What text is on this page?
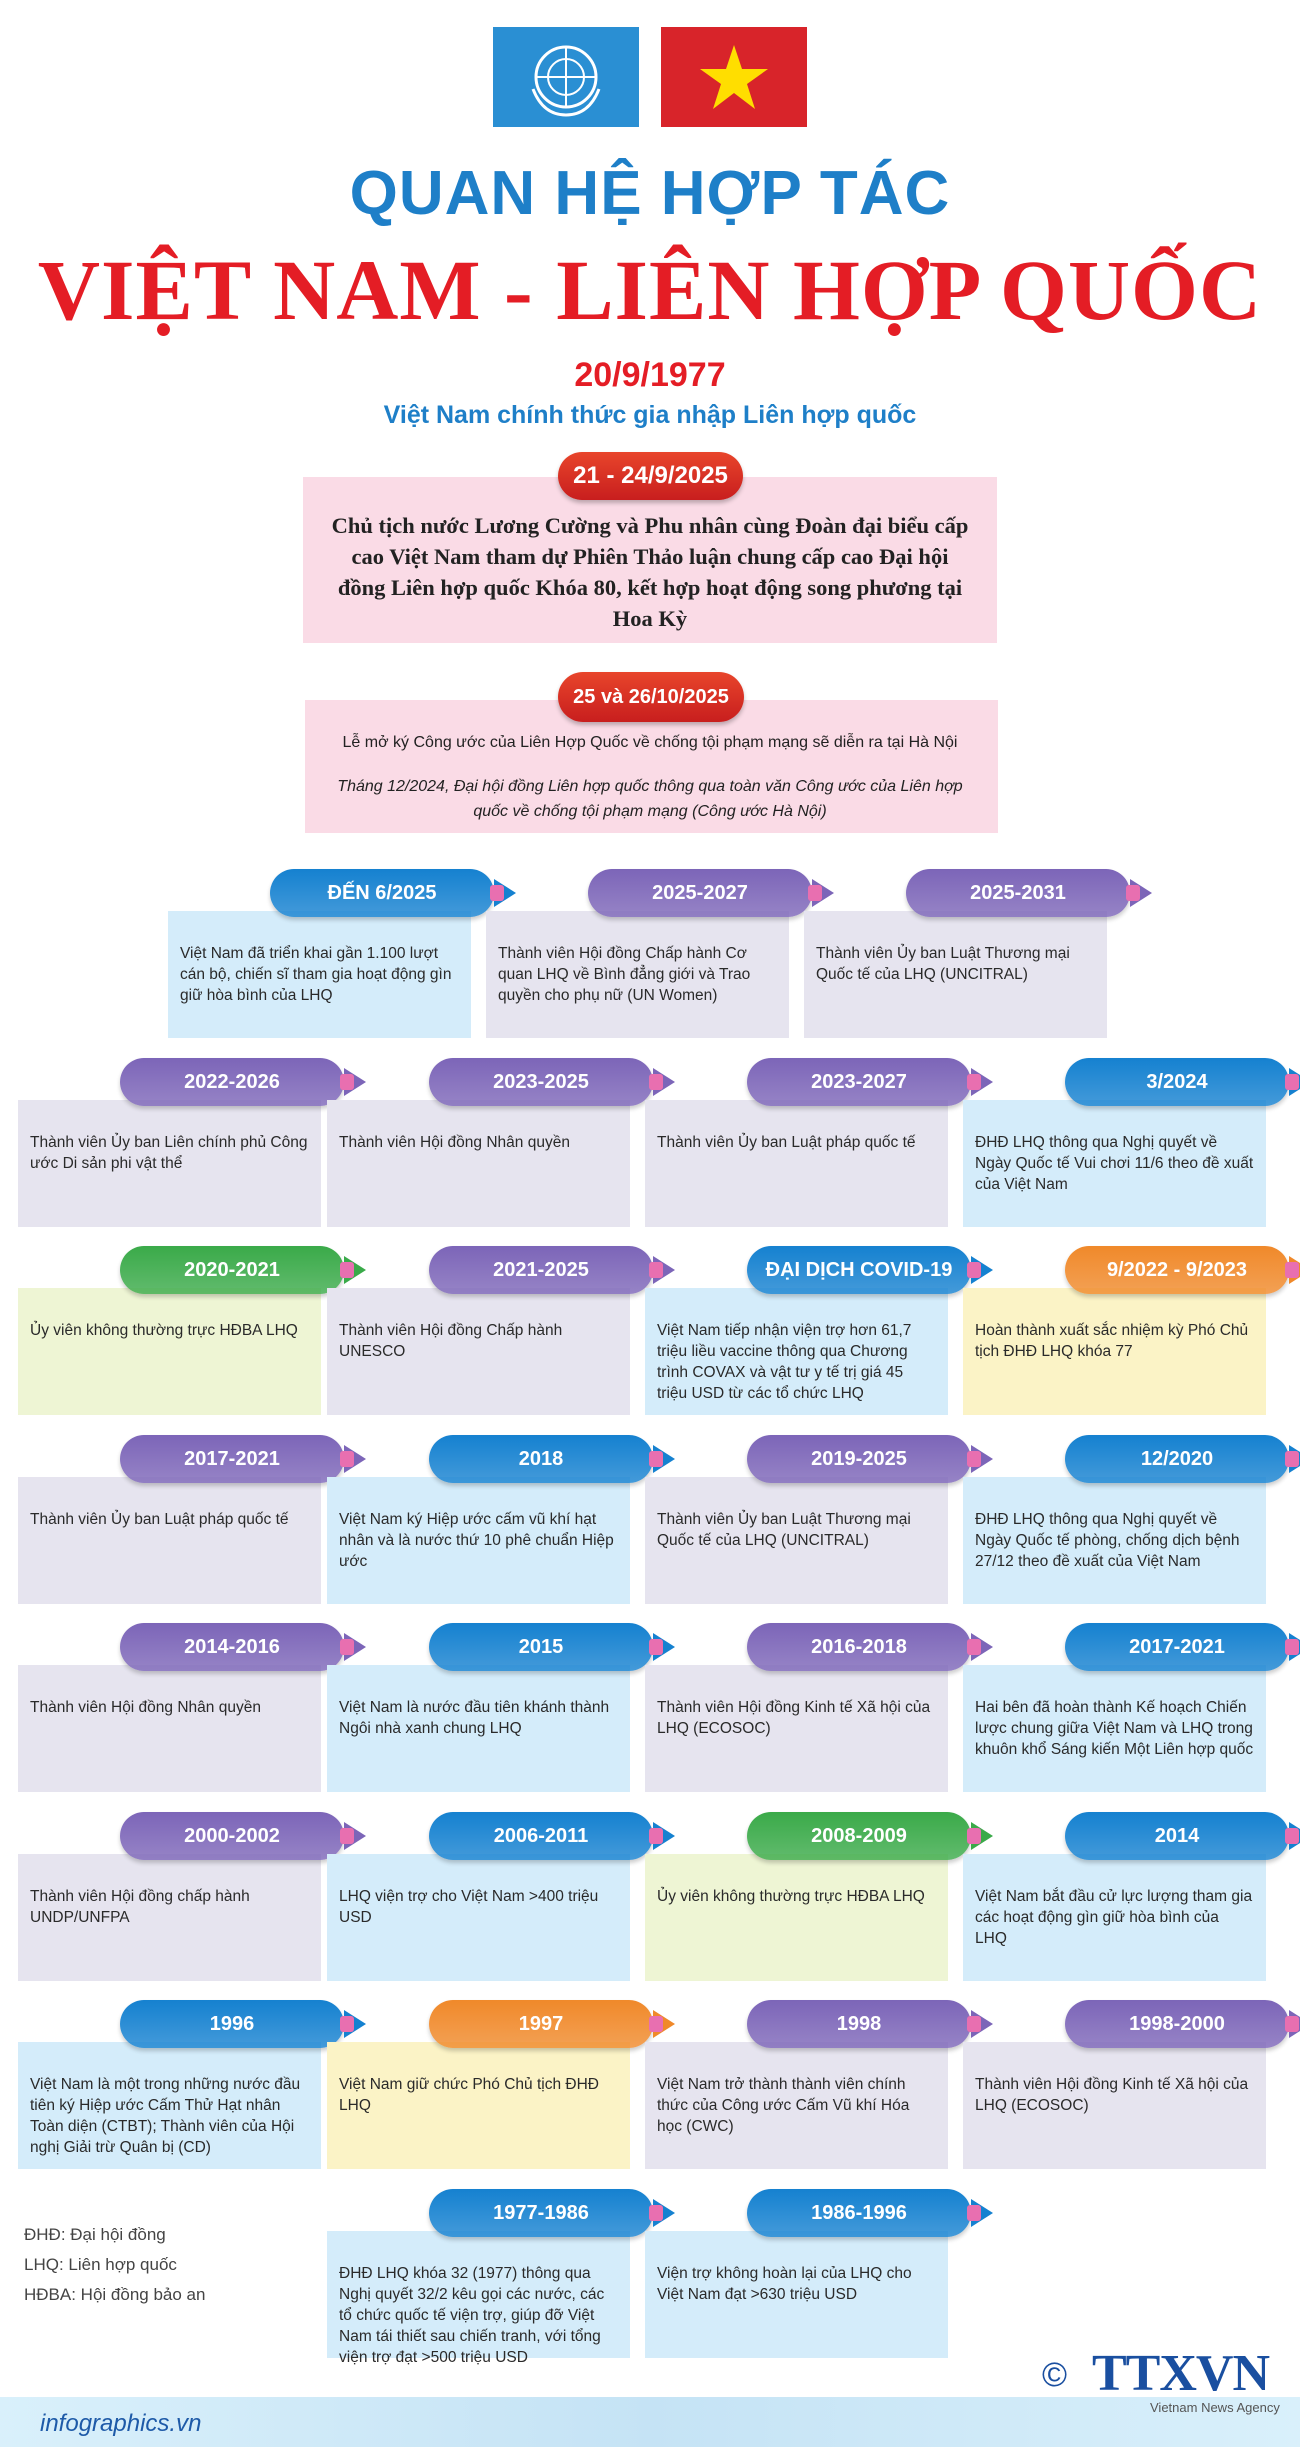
QUAN HỆ HỢP TÁC
VIỆT NAM - LIÊN HỢP QUỐC
20/9/1977
Việt Nam chính thức gia nhập Liên hợp quốc
21 - 24/9/2025
Chủ tịch nước Lương Cường và Phu nhân cùng Đoàn đại biểu cấp cao Việt Nam tham dự Phiên Thảo luận chung cấp cao Đại hội đồng Liên hợp quốc Khóa 80, kết hợp hoạt động song phương tại Hoa Kỳ
25 và 26/10/2025
Lễ mở ký Công ước của Liên Hợp Quốc về chống tội phạm mạng sẽ diễn ra tại Hà Nội
Tháng 12/2024, Đại hội đồng Liên hợp quốc thông qua toàn văn Công ước của Liên hợp quốc về chống tội phạm mạng (Công ước Hà Nội)
Việt Nam đã triển khai gần 1.100 lượt cán bộ, chiến sĩ tham gia hoạt động gìn giữ hòa bình của LHQ
ĐẾN 6/2025
Thành viên Hội đồng Chấp hành Cơ quan LHQ về Bình đẳng giới và Trao quyền cho phụ nữ (UN Women)
2025-2027
Thành viên Ủy ban Luật Thương mại Quốc tế của LHQ (UNCITRAL)
2025-2031
Thành viên Ủy ban Liên chính phủ Công ước Di sản phi vật thể
2022-2026
Thành viên Hội đồng Nhân quyền
2023-2025
Thành viên Ủy ban Luật pháp quốc tế
2023-2027
ĐHĐ LHQ thông qua Nghị quyết về Ngày Quốc tế Vui chơi 11/6 theo đề xuất của Việt Nam
3/2024
Ủy viên không thường trực HĐBA LHQ
2020-2021
Thành viên Hội đồng Chấp hành UNESCO
2021-2025
Việt Nam tiếp nhận viện trợ hơn 61,7 triệu liều vaccine thông qua Chương trình COVAX và vật tư y tế trị giá 45 triệu USD từ các tổ chức LHQ
ĐẠI DỊCH COVID-19
Hoàn thành xuất sắc nhiệm kỳ Phó Chủ tịch ĐHĐ LHQ khóa 77
9/2022 - 9/2023
Thành viên Ủy ban Luật pháp quốc tế
2017-2021
Việt Nam ký Hiệp ước cấm vũ khí hạt nhân và là nước thứ 10 phê chuẩn Hiệp ước
2018
Thành viên Ủy ban Luật Thương mại Quốc tế của LHQ (UNCITRAL)
2019-2025
ĐHĐ LHQ thông qua Nghị quyết về Ngày Quốc tế phòng, chống dịch bệnh 27/12 theo đề xuất của Việt Nam
12/2020
Thành viên Hội đồng Nhân quyền
2014-2016
Việt Nam là nước đầu tiên khánh thành Ngôi nhà xanh chung LHQ
2015
Thành viên Hội đồng Kinh tế Xã hội của LHQ (ECOSOC)
2016-2018
Hai bên đã hoàn thành Kế hoạch Chiến lược chung giữa Việt Nam và LHQ trong khuôn khổ Sáng kiến Một Liên hợp quốc
2017-2021
Thành viên Hội đồng chấp hành UNDP/UNFPA
2000-2002
LHQ viện trợ cho Việt Nam >400 triệu USD
2006-2011
Ủy viên không thường trực HĐBA LHQ
2008-2009
Việt Nam bắt đầu cử lực lượng tham gia các hoạt động gìn giữ hòa bình của LHQ
2014
Việt Nam là một trong những nước đầu tiên ký Hiệp ước Cấm Thử Hạt nhân Toàn diện (CTBT); Thành viên của Hội nghị Giải trừ Quân bị (CD)
1996
Việt Nam giữ chức Phó Chủ tịch ĐHĐ LHQ
1997
Việt Nam trở thành thành viên chính thức của Công ước Cấm Vũ khí Hóa học (CWC)
1998
Thành viên Hội đồng Kinh tế Xã hội của LHQ (ECOSOC)
1998-2000
ĐHĐ LHQ khóa 32 (1977) thông qua Nghị quyết 32/2 kêu gọi các nước, các tổ chức quốc tế viện trợ, giúp đỡ Việt Nam tái thiết sau chiến tranh, với tổng viện trợ đạt >500 triệu USD
1977-1986
Viện trợ không hoàn lại của LHQ cho Việt Nam đạt >630 triệu USD
1986-1996
ĐHĐ: Đại hội đồng
LHQ: Liên hợp quốc
HĐBA: Hội đồng bảo an
infographics.vn
© TTXVN
Vietnam News Agency
